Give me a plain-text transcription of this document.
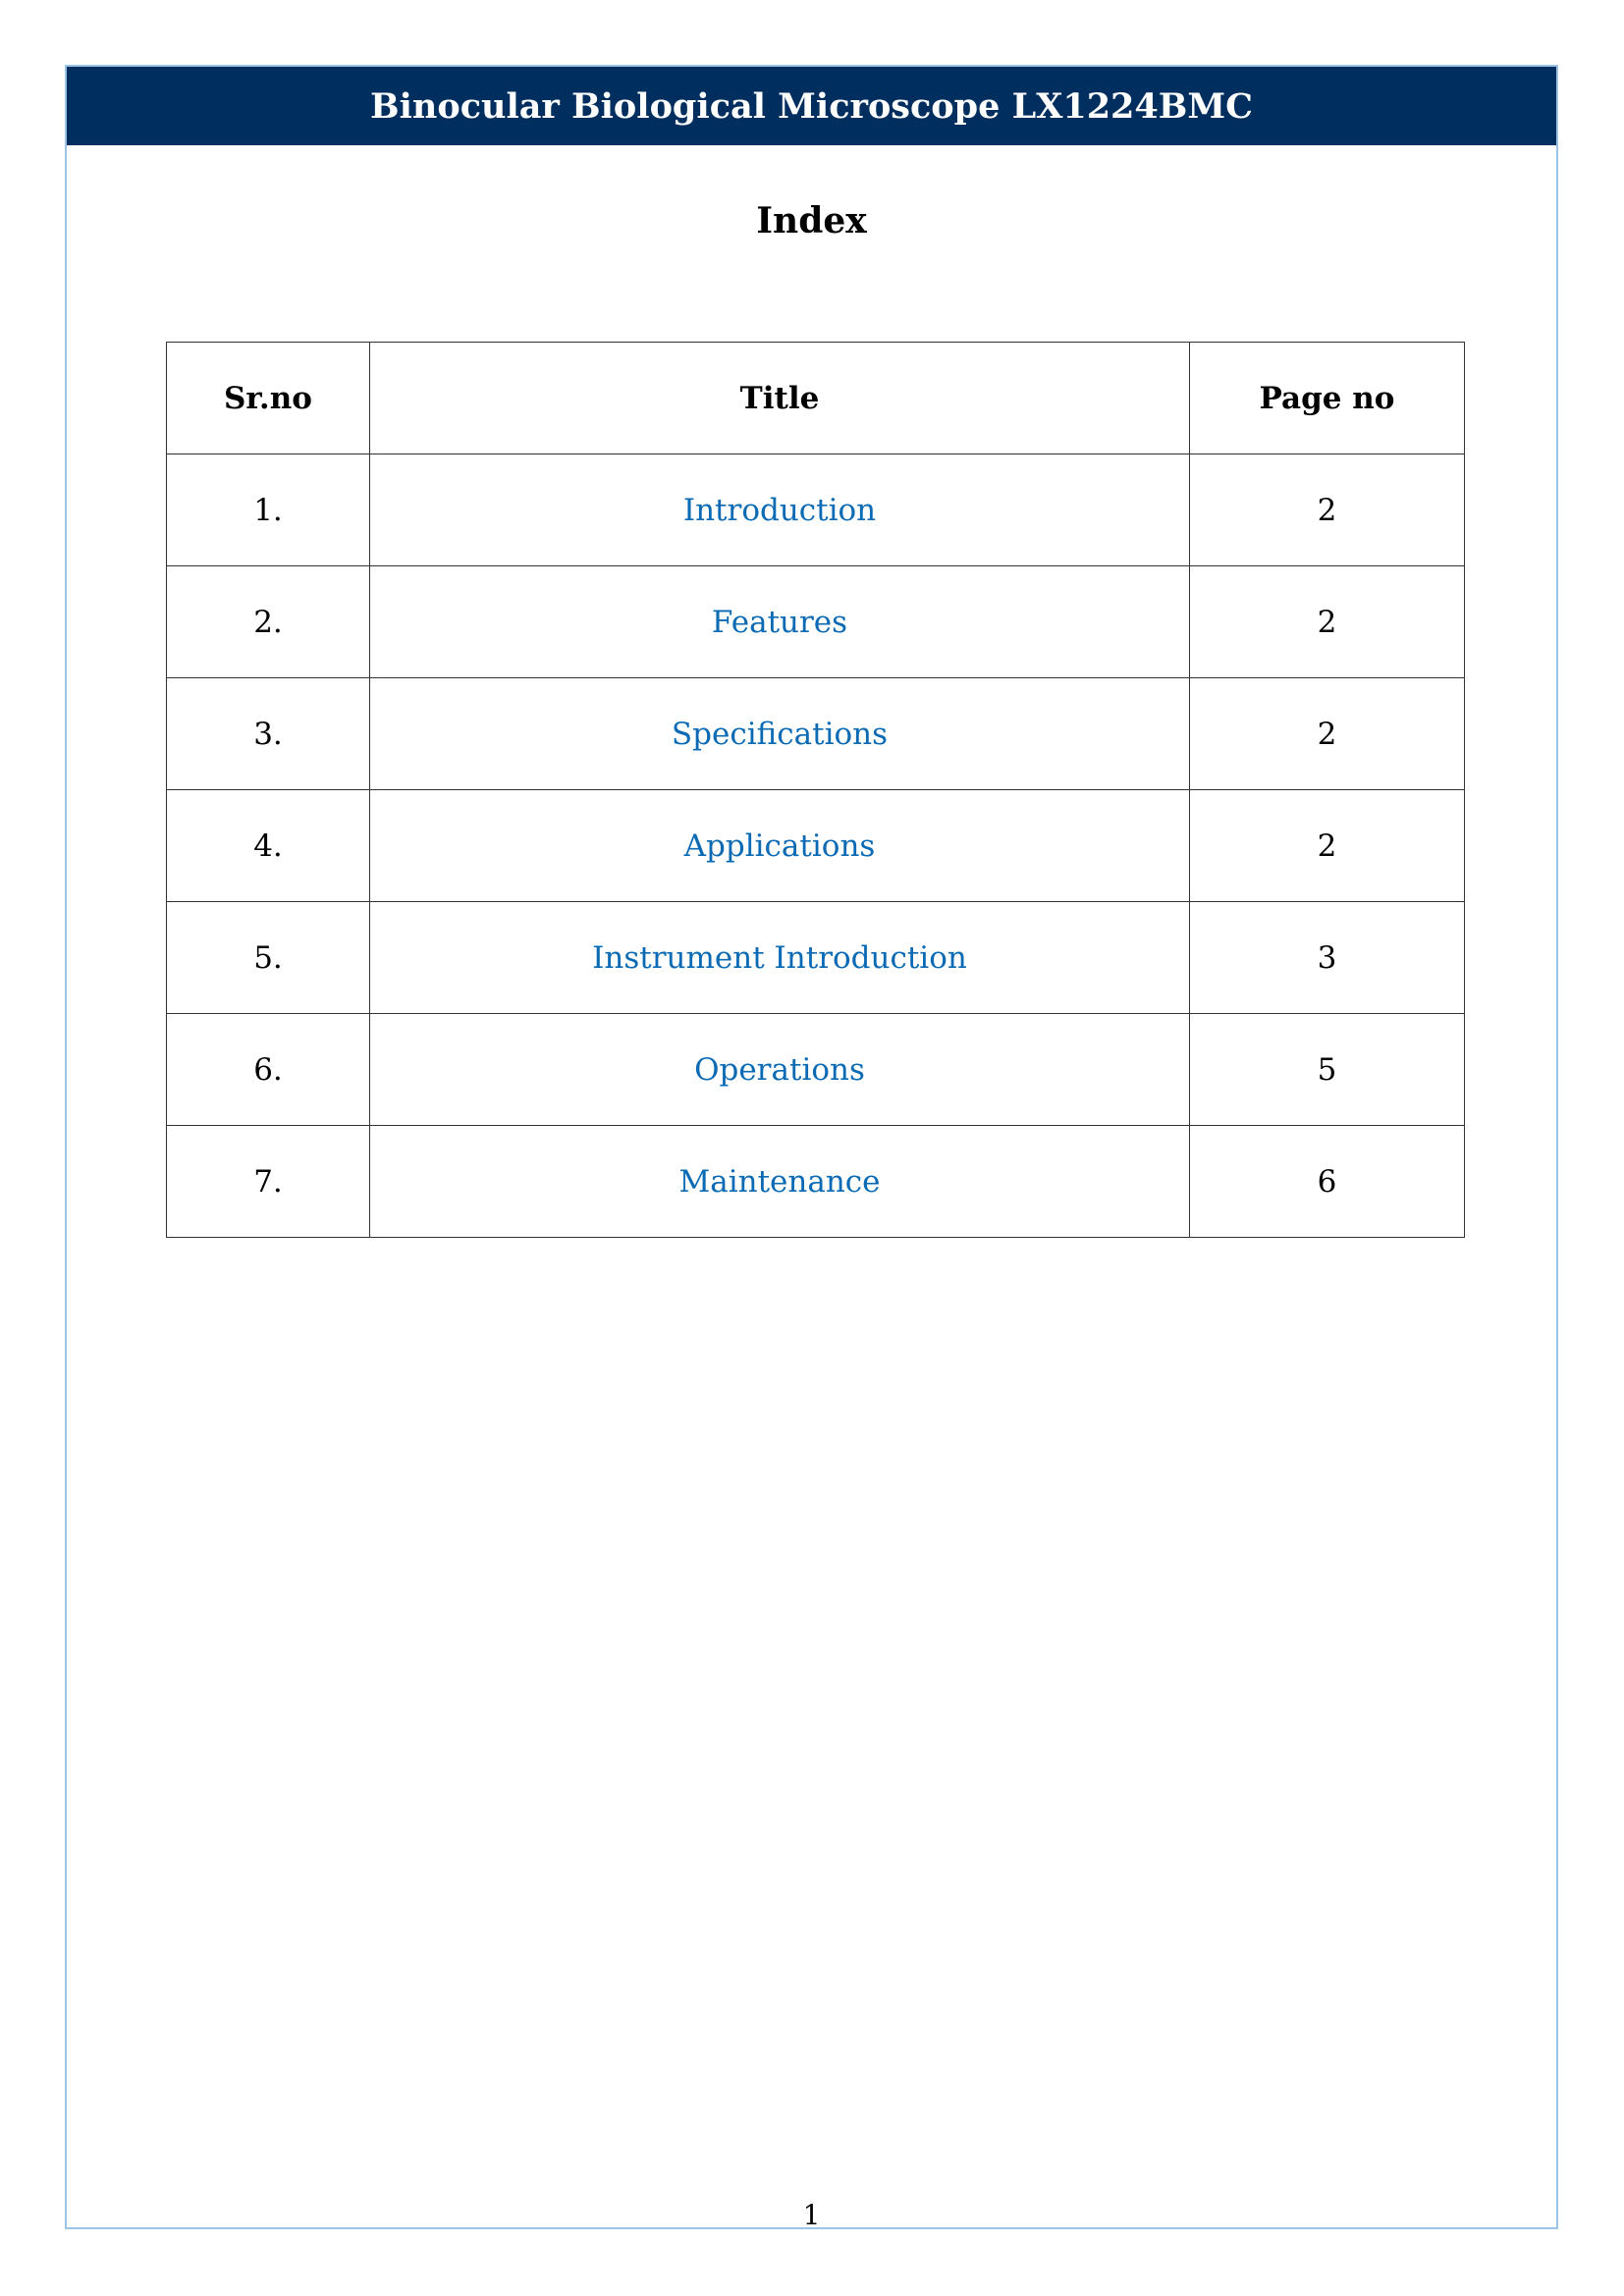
Binocular Biological Microscope LX1224BMC
Index
Sr.no	Title	Page no
1.	Introduction	2
2.	Features	2
3.	Specifications	2
4.	Applications	2
5.	Instrument Introduction	3
6.	Operations	5
7.	Maintenance	6
1
